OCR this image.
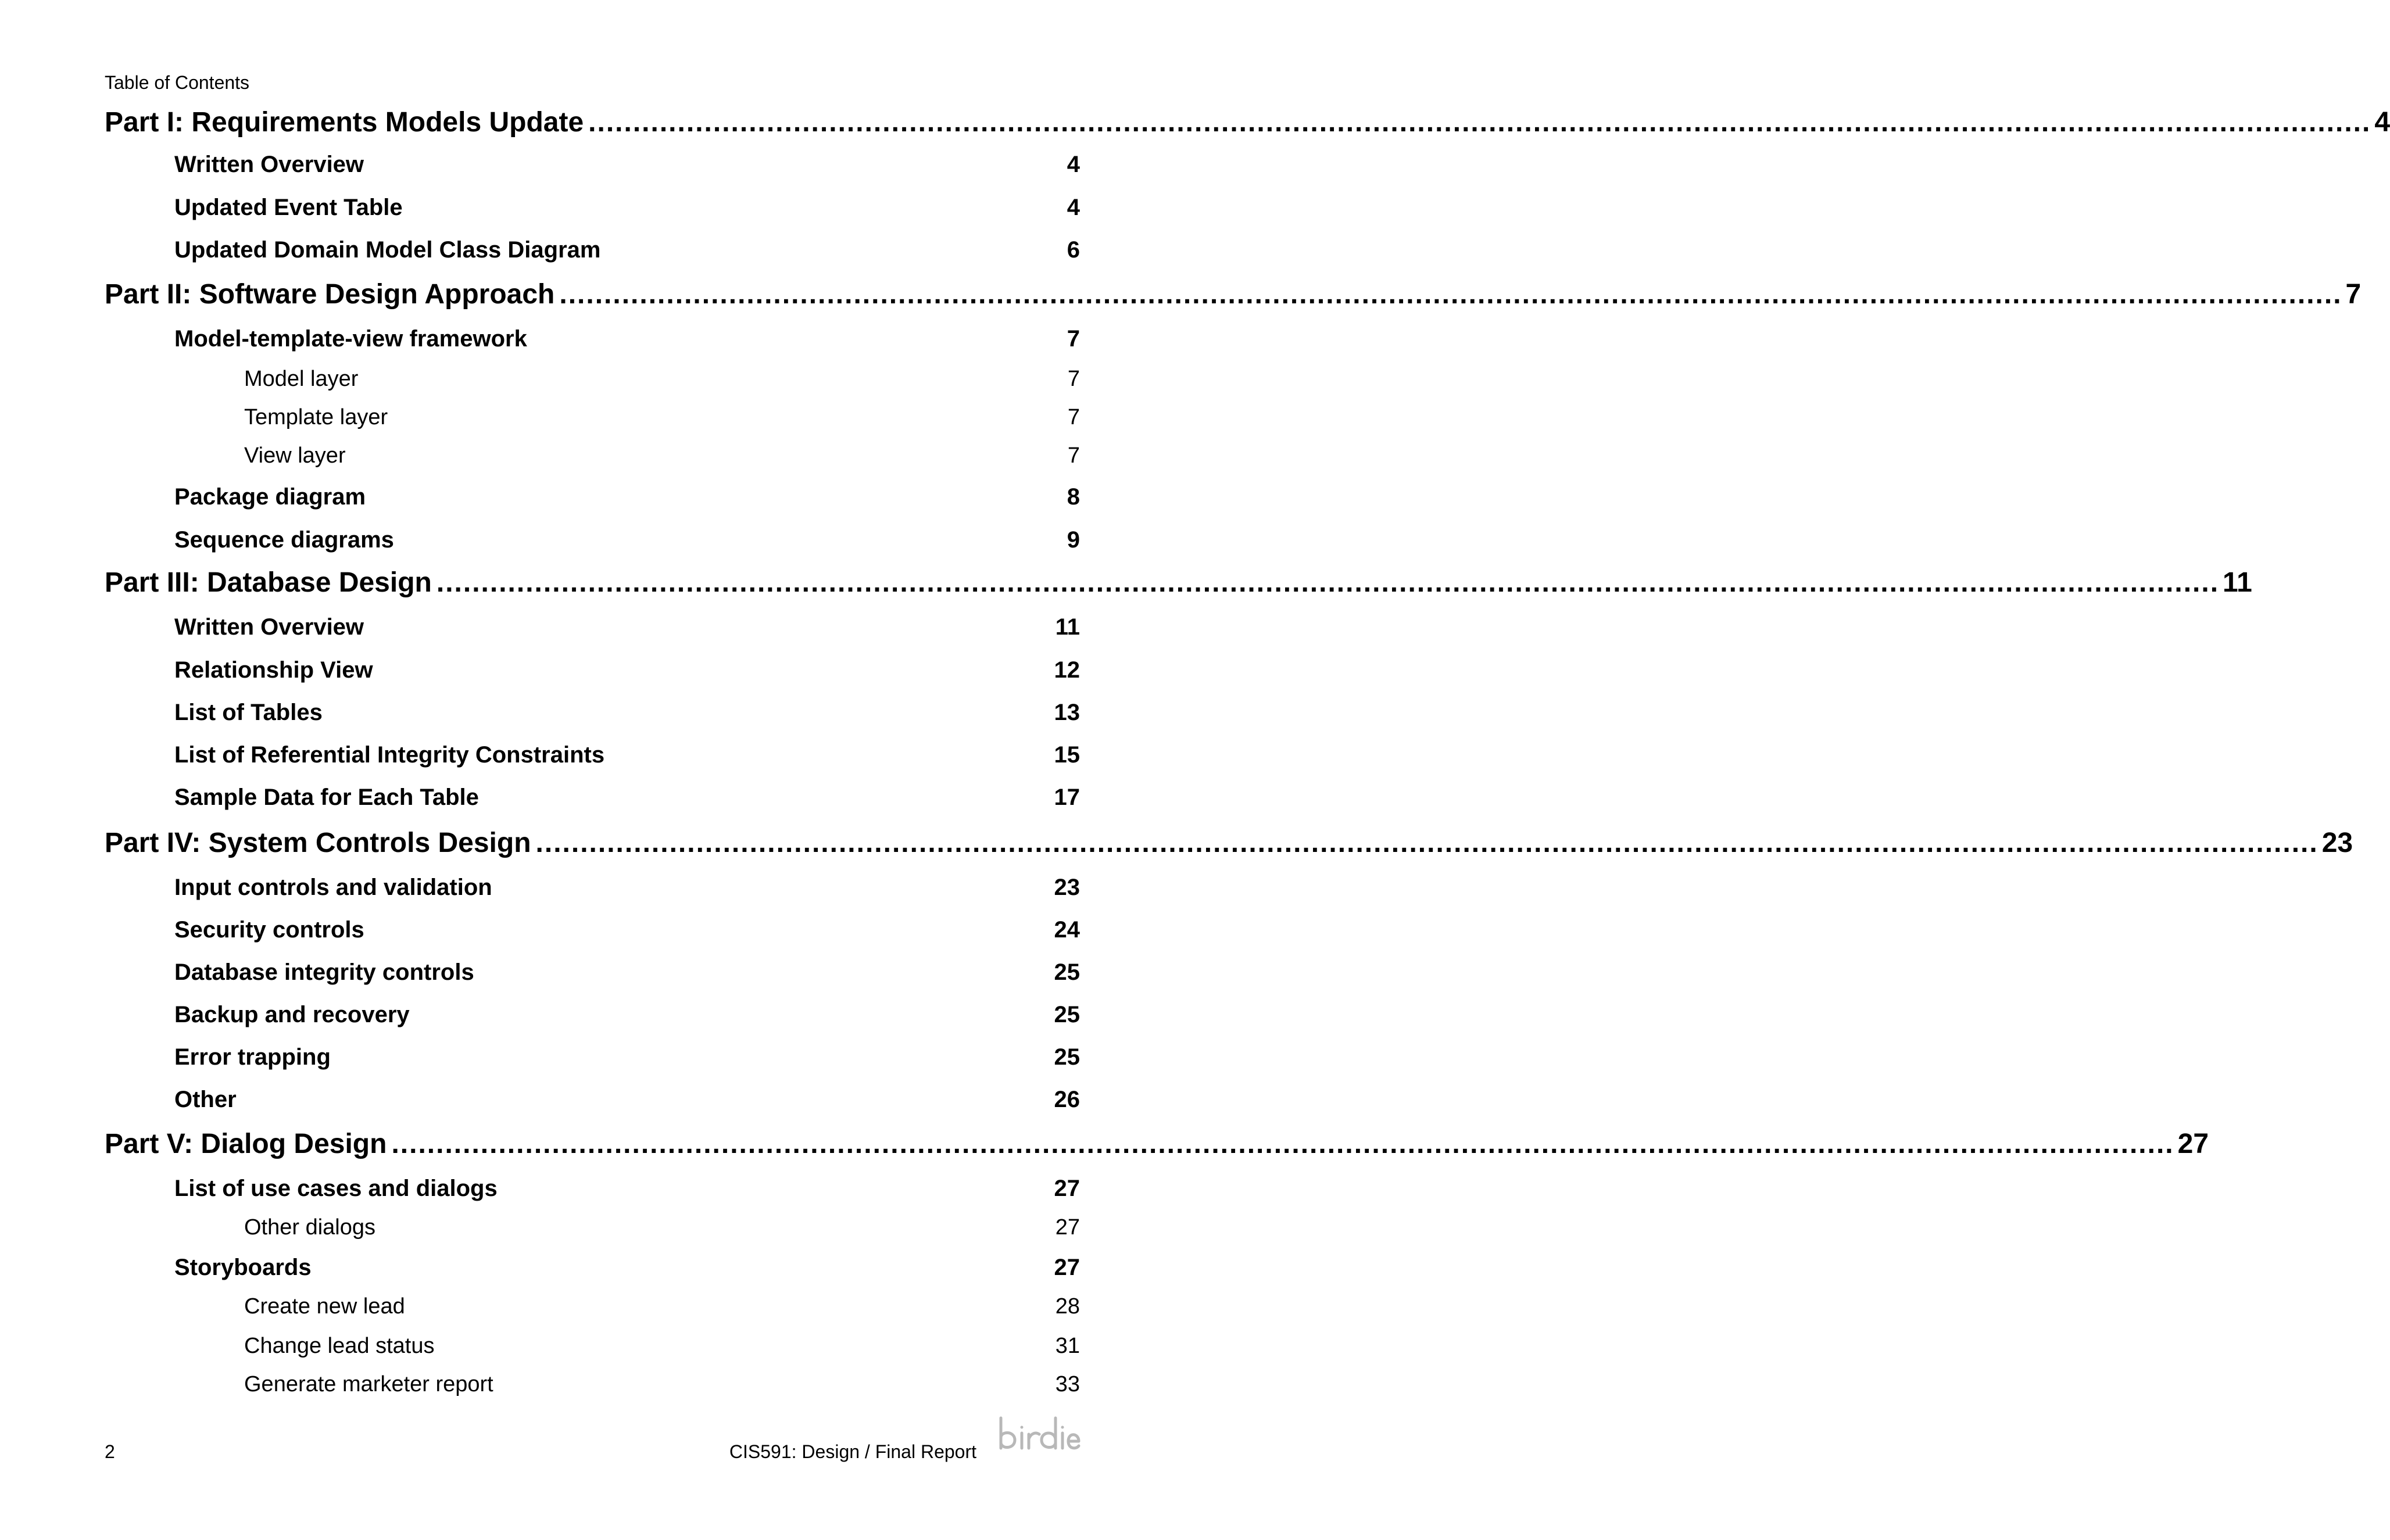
Table of Contents
Part I: Requirements Models Update ........................................................................................................................................................................................................ 4
Written Overview	4
Updated Event Table	4
Updated Domain Model Class Diagram	6
Part II: Software Design Approach ........................................................................................................................................................................................................ 7
Model-template-view framework	7
Model layer	7
Template layer	7
View layer	7
Package diagram	8
Sequence diagrams	9
Part III: Database Design ........................................................................................................................................................................................................ 11
Written Overview	11
Relationship View	12
List of Tables	13
List of Referential Integrity Constraints	15
Sample Data for Each Table	17
Part IV: System Controls Design ........................................................................................................................................................................................................ 23
Input controls and validation	23
Security controls	24
Database integrity controls	25
Backup and recovery	25
Error trapping	25
Other	26
Part V: Dialog Design ........................................................................................................................................................................................................ 27
List of use cases and dialogs	27
Other dialogs	27
Storyboards	27
Create new lead	28
Change lead status	31
Generate marketer report	33
2	CIS591: Design / Final Report
